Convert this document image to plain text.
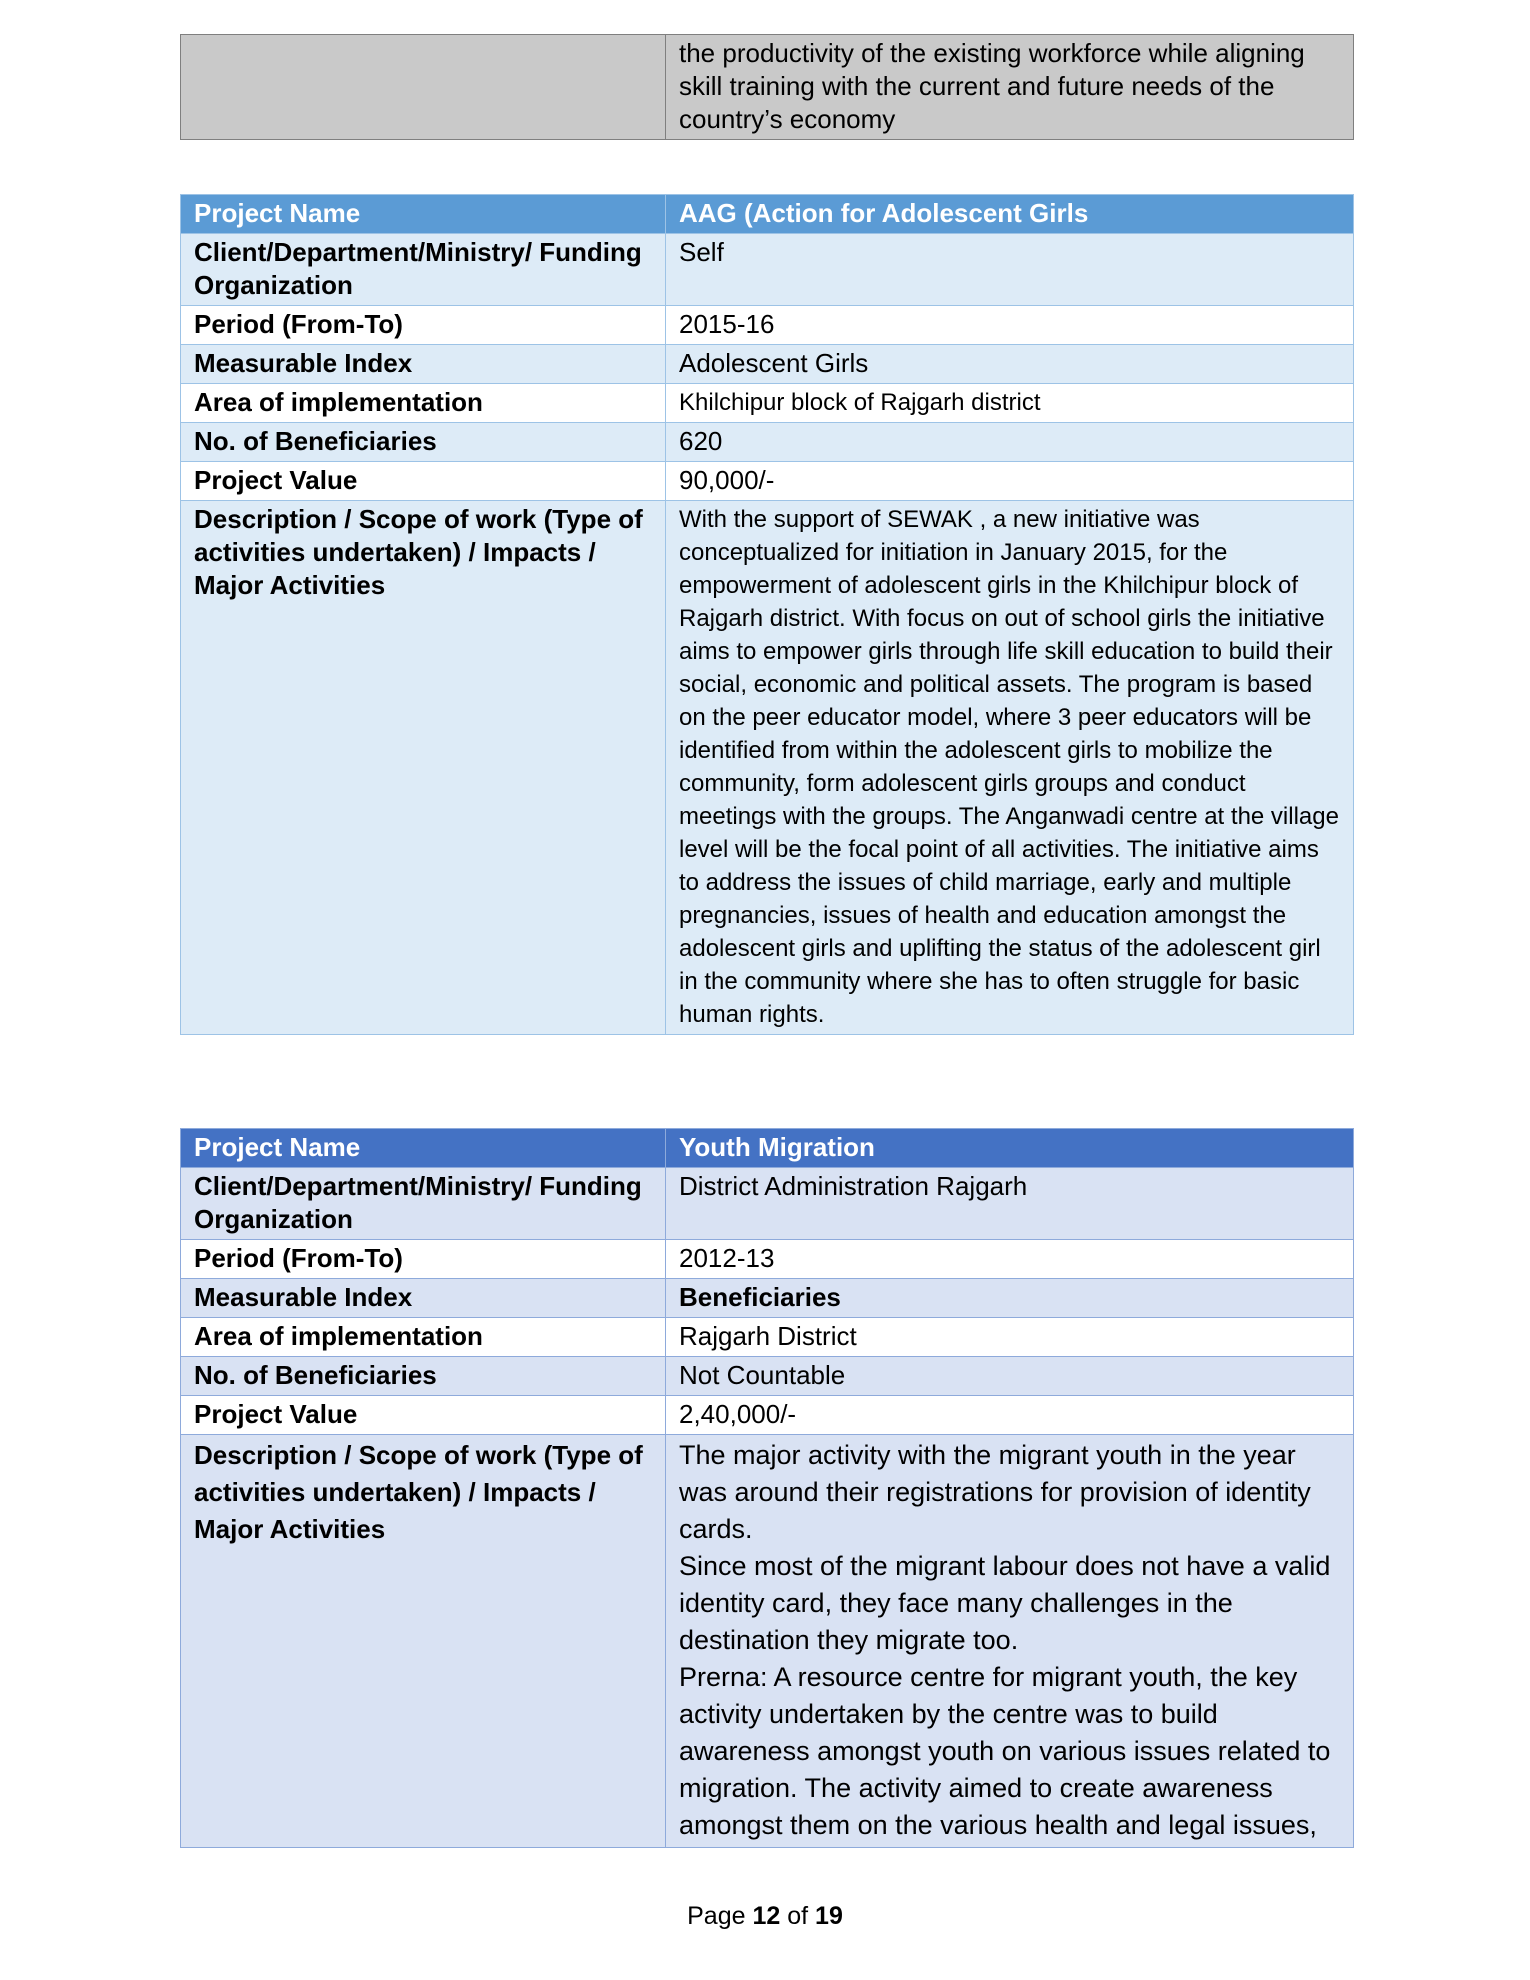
	the productivity of the existing workforce while aligning skill training with the current and future needs of the country’s economy
Project Name	AAG (Action for Adolescent Girls
Client/Department/Ministry/ Funding Organization	Self
Period (From-To)	2015-16
Measurable Index	Adolescent Girls
Area of implementation	Khilchipur block of Rajgarh district
No. of Beneficiaries	620
Project Value	90,000/-
Description / Scope of work (Type of activities undertaken) / Impacts / Major Activities	With the support of SEWAK , a new initiative was conceptualized for initiation in January 2015, for the empowerment of adolescent girls in the Khilchipur block of Rajgarh district. With focus on out of school girls the initiative aims to empower girls through life skill education to build their social, economic and political assets. The program is based on the peer educator model, where 3 peer educators will be identified from within the adolescent girls to mobilize the community, form adolescent girls groups and conduct meetings with the groups. The Anganwadi centre at the village level will be the focal point of all activities. The initiative aims to address the issues of child marriage, early and multiple pregnancies, issues of health and education amongst the adolescent girls and uplifting the status of the adolescent girl in the community where she has to often struggle for basic human rights.
Project Name	Youth Migration
Client/Department/Ministry/ Funding Organization	District Administration Rajgarh
Period (From-To)	2012-13
Measurable Index	Beneficiaries
Area of implementation	Rajgarh District
No. of Beneficiaries	Not Countable
Project Value	2,40,000/-
Description / Scope of work (Type of activities undertaken) / Impacts / Major Activities	The major activity with the migrant youth in the year was around their registrations for provision of identity cards.
Since most of the migrant labour does not have a valid identity card, they face many challenges in the destination they migrate too.
Prerna: A resource centre for migrant youth, the key activity undertaken by the centre was to build awareness amongst youth on various issues related to migration. The activity aimed to create awareness amongst them on the various health and legal issues,
Page 12 of 19
